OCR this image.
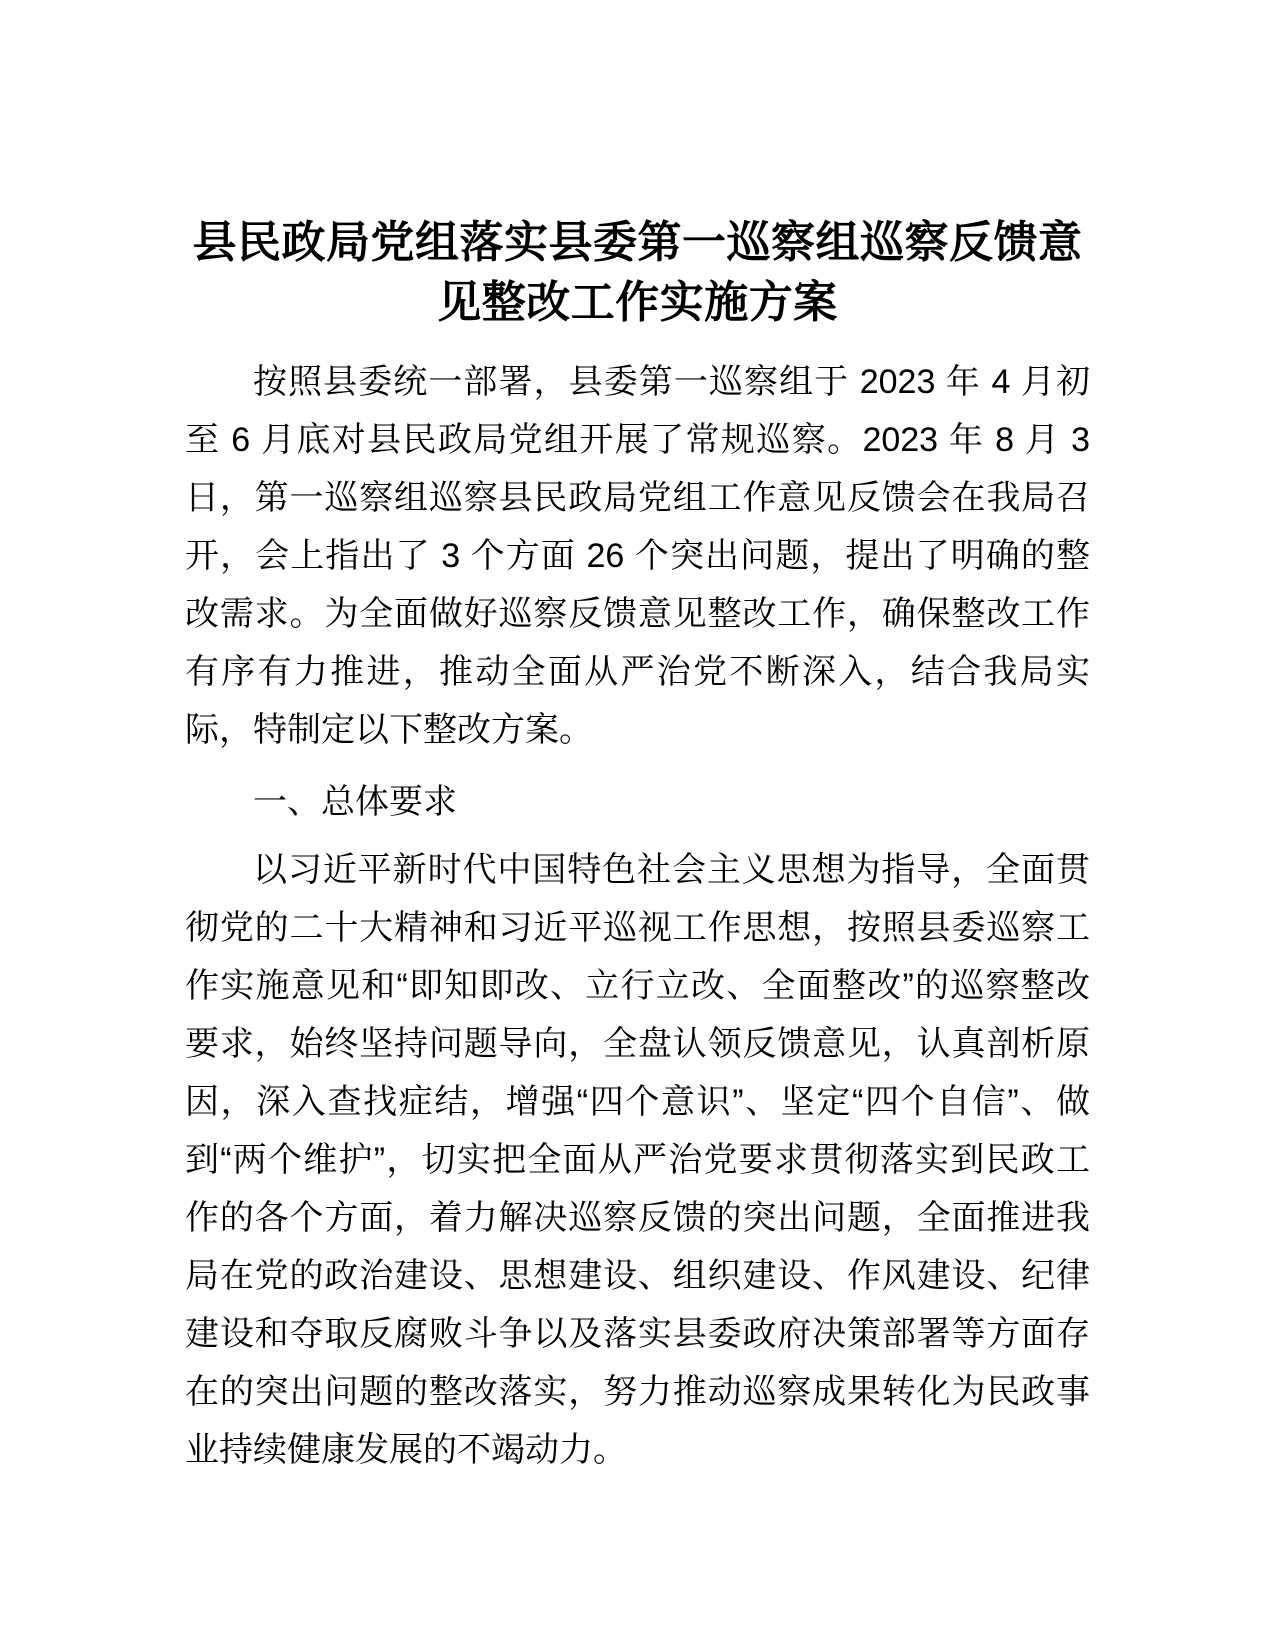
县民政局党组落实县委第一巡察组巡察反馈意
见整改工作实施方案

按照县委统一部署，县委第一巡察组于 2023 年 4 月初至 6 月底对县民政局党组开展了常规巡察。2023 年 8 月 3 日，第一巡察组巡察县民政局党组工作意见反馈会在我局召开，会上指出了 3 个方面 26 个突出问题，提出了明确的整改需求。为全面做好巡察反馈意见整改工作，确保整改工作有序有力推进，推动全面从严治党不断深入，结合我局实际，特制定以下整改方案。

一、总体要求

以习近平新时代中国特色社会主义思想为指导，全面贯彻党的二十大精神和习近平巡视工作思想，按照县委巡察工作实施意见和“即知即改、立行立改、全面整改”的巡察整改要求，始终坚持问题导向，全盘认领反馈意见，认真剖析原因，深入查找症结，增强“四个意识”、坚定“四个自信”、做到“两个维护”，切实把全面从严治党要求贯彻落实到民政工作的各个方面，着力解决巡察反馈的突出问题，全面推进我局在党的政治建设、思想建设、组织建设、作风建设、纪律建设和夺取反腐败斗争以及落实县委政府决策部署等方面存在的突出问题的整改落实，努力推动巡察成果转化为民政事业持续健康发展的不竭动力。
